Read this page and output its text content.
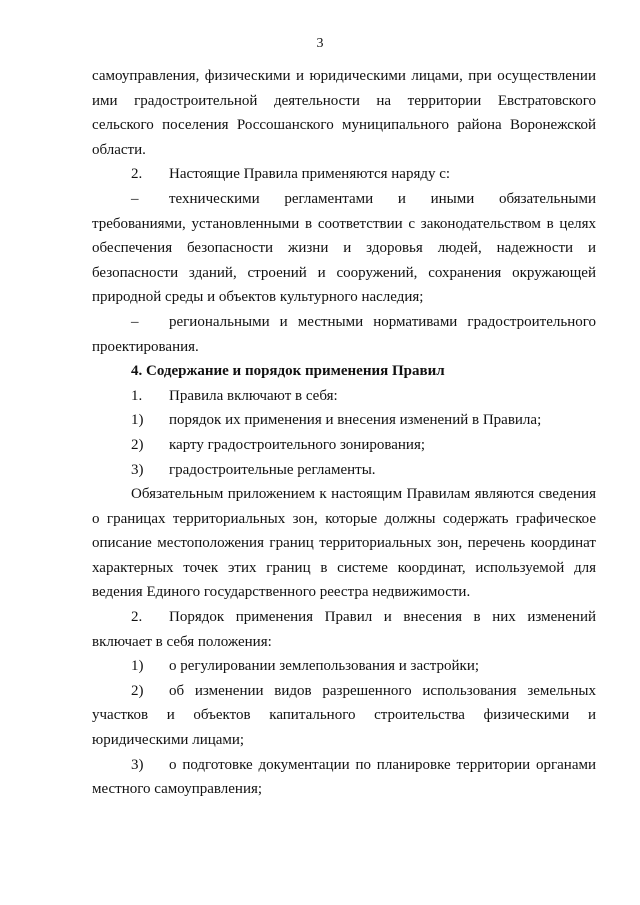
3

самоуправления, физическими и юридическими лицами, при осуществлении

ими градостроительной деятельности на территории Евстратовского

сельского поселения Россошанского муниципального района Воронежской

области.

2.	Настоящие Правила применяются наряду с:
–	техническими регламентами и иными обязательными

требованиями, установленными в соответствии с законодательством в целях

обеспечения безопасности жизни и здоровья людей, надежности и

безопасности зданий, строений и сооружений, сохранения окружающей

природной среды и объектов культурного наследия;

–	региональными и местными нормативами градостроительного

проектирования.

4. Содержание и порядок применения Правил

1.	Правила включают в себя:
1)	порядок их применения и внесения изменений в Правила;
2)	карту градостроительного зонирования;
3)	градостроительные регламенты.

Обязательным приложением к настоящим Правилам являются сведения

о границах территориальных зон, которые должны содержать графическое

описание местоположения границ территориальных зон, перечень координат

характерных точек этих границ в системе координат, используемой для

ведения Единого государственного реестра недвижимости.

2.	Порядок применения Правил и внесения в них изменений

включает в себя положения:

1)	о регулировании землепользования и застройки;
2)	об изменении видов разрешенного использования земельных

участков и объектов капитального строительства физическими и

юридическими лицами;

3)	о подготовке документации по планировке территории органами

местного самоуправления;
